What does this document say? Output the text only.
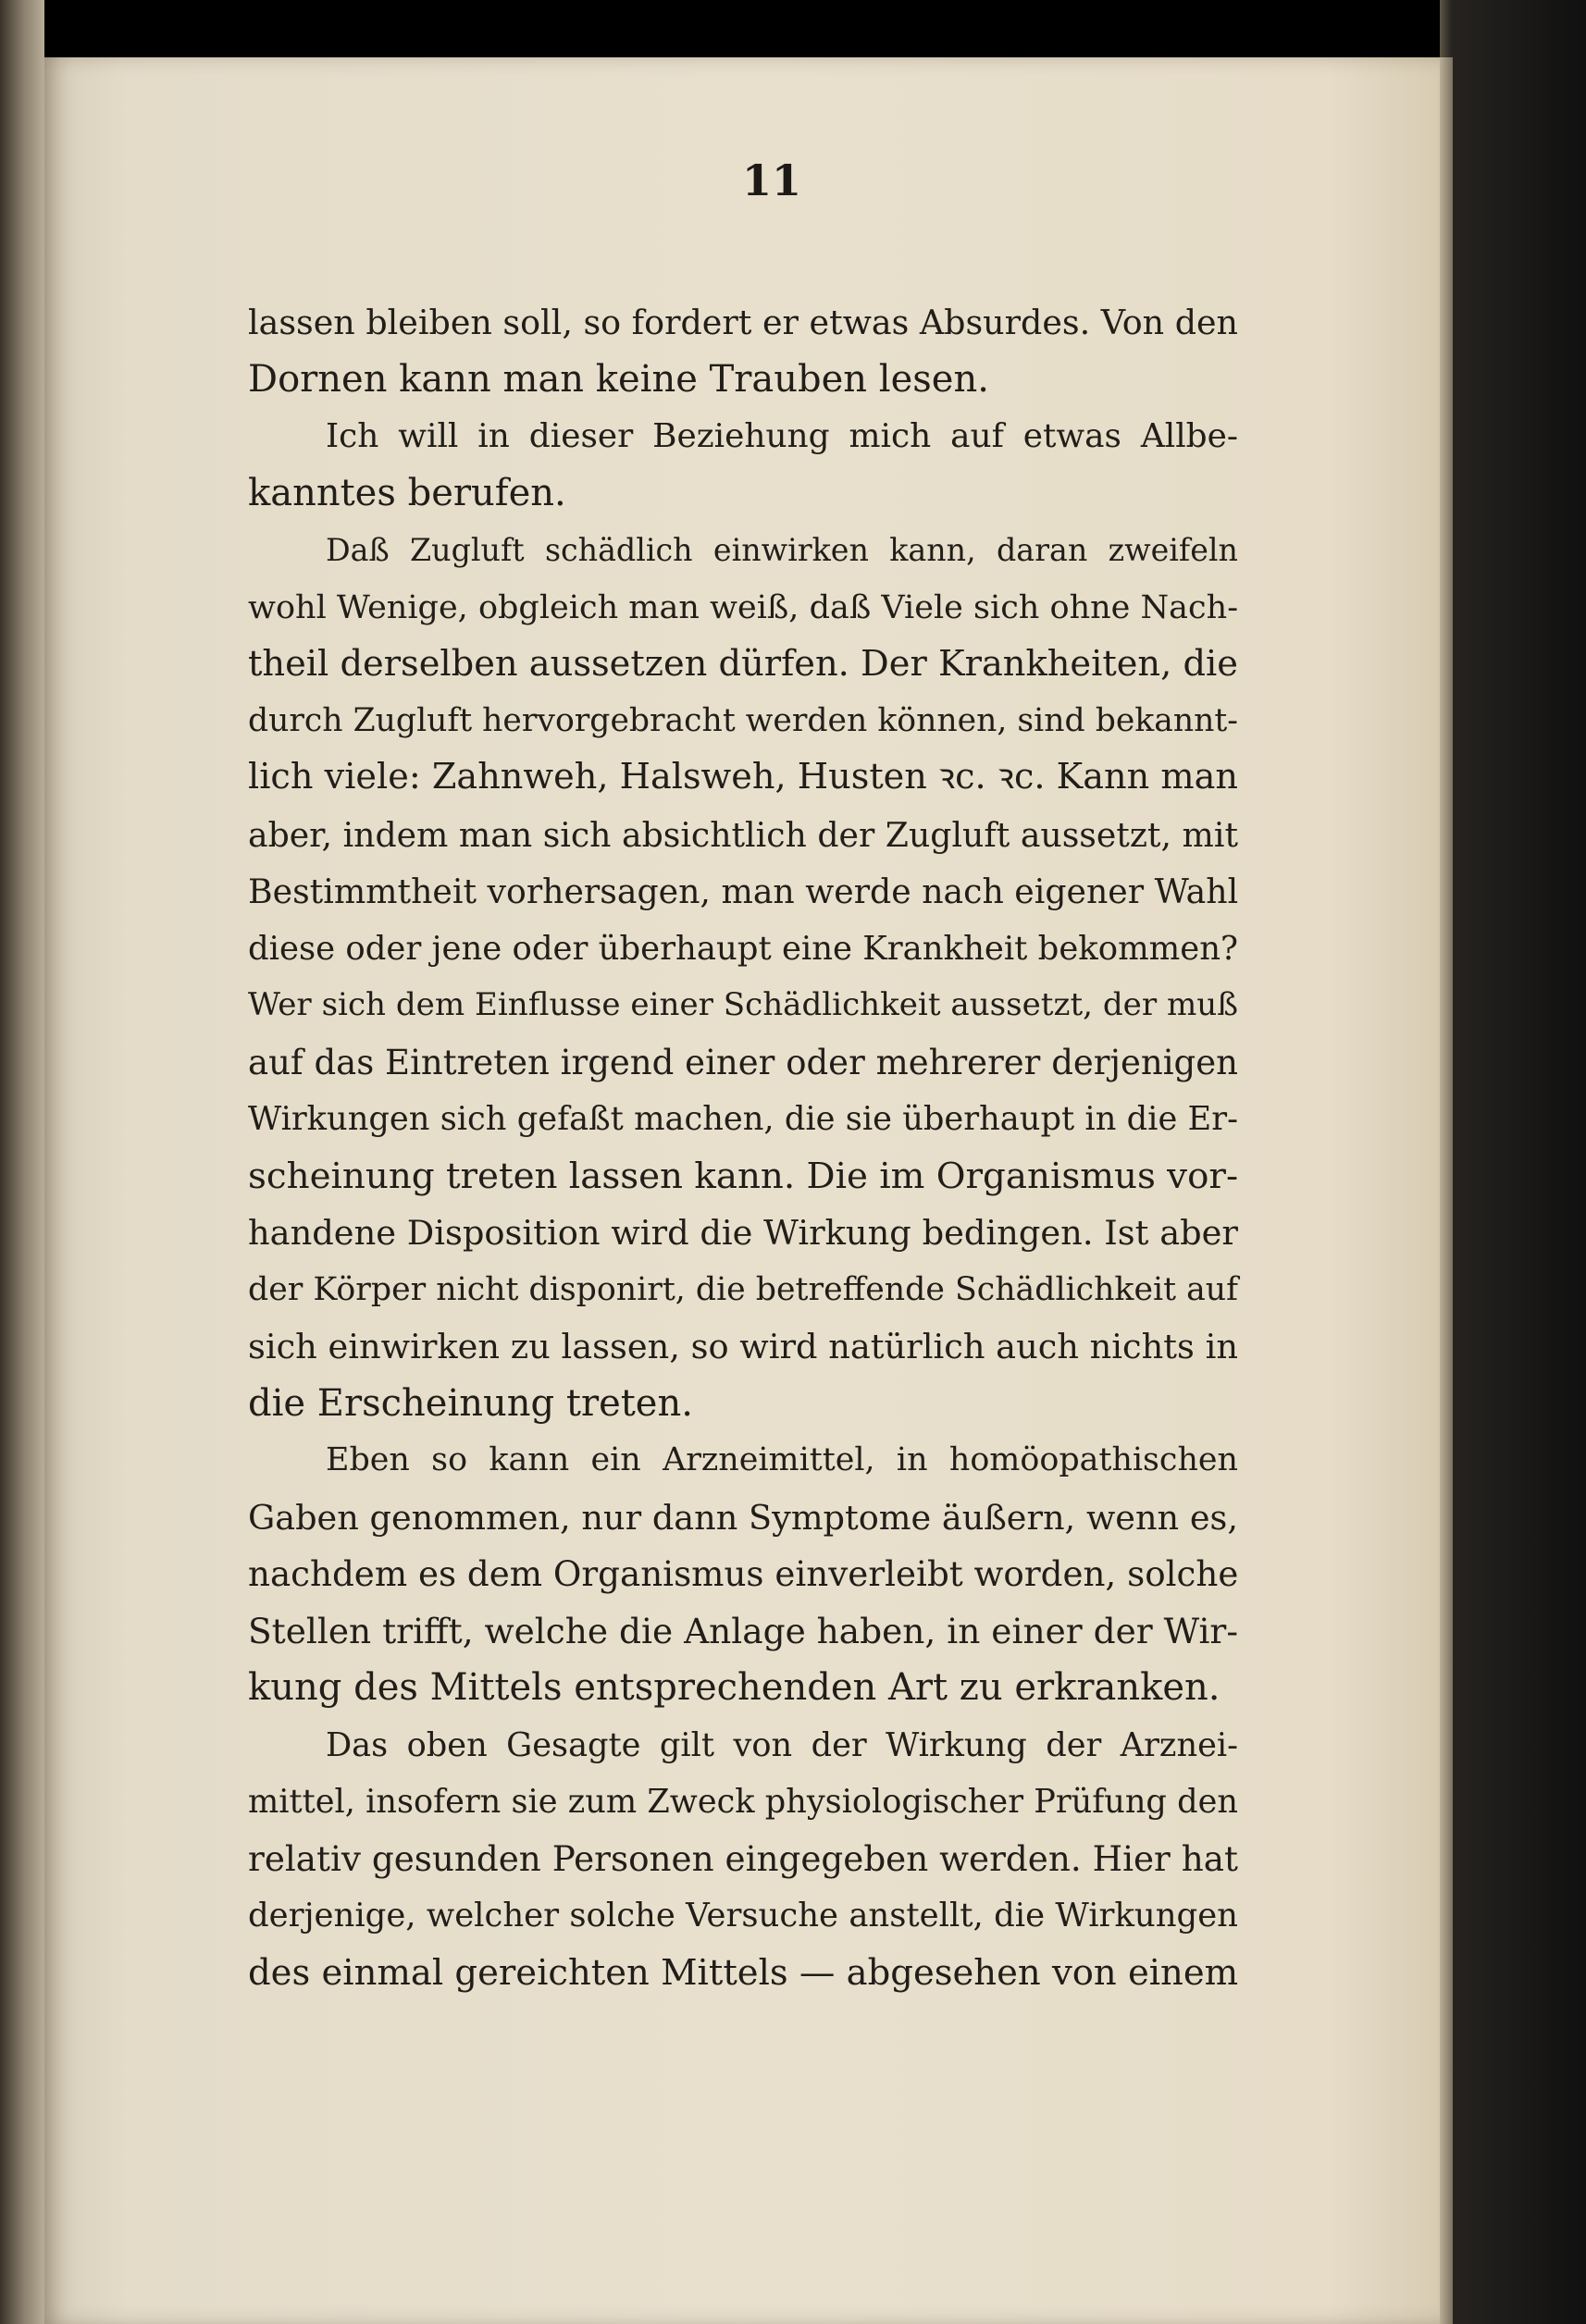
11
lassen bleiben soll, so fordert er etwas Absurdes. Von den
Dornen kann man keine Trauben lesen.
Ich will in dieser Beziehung mich auf etwas Allbe-
kanntes berufen.
Daß Zugluft schädlich einwirken kann, daran zweifeln
wohl Wenige, obgleich man weiß, daß Viele sich ohne Nach-
theil derselben aussetzen dürfen. Der Krankheiten, die
durch Zugluft hervorgebracht werden können, sind bekannt-
lich viele: Zahnweh, Halsweh, Husten ꝛc. ꝛc. Kann man
aber, indem man sich absichtlich der Zugluft aussetzt, mit
Bestimmtheit vorhersagen, man werde nach eigener Wahl
diese oder jene oder überhaupt eine Krankheit bekommen?
Wer sich dem Einflusse einer Schädlichkeit aussetzt, der muß
auf das Eintreten irgend einer oder mehrerer derjenigen
Wirkungen sich gefaßt machen, die sie überhaupt in die Er-
scheinung treten lassen kann. Die im Organismus vor-
handene Disposition wird die Wirkung bedingen. Ist aber
der Körper nicht disponirt, die betreffende Schädlichkeit auf
sich einwirken zu lassen, so wird natürlich auch nichts in
die Erscheinung treten.
Eben so kann ein Arzneimittel, in homöopathischen
Gaben genommen, nur dann Symptome äußern, wenn es,
nachdem es dem Organismus einverleibt worden, solche
Stellen trifft, welche die Anlage haben, in einer der Wir-
kung des Mittels entsprechenden Art zu erkranken.
Das oben Gesagte gilt von der Wirkung der Arznei-
mittel, insofern sie zum Zweck physiologischer Prüfung den
relativ gesunden Personen eingegeben werden. Hier hat
derjenige, welcher solche Versuche anstellt, die Wirkungen
des einmal gereichten Mittels — abgesehen von einem
